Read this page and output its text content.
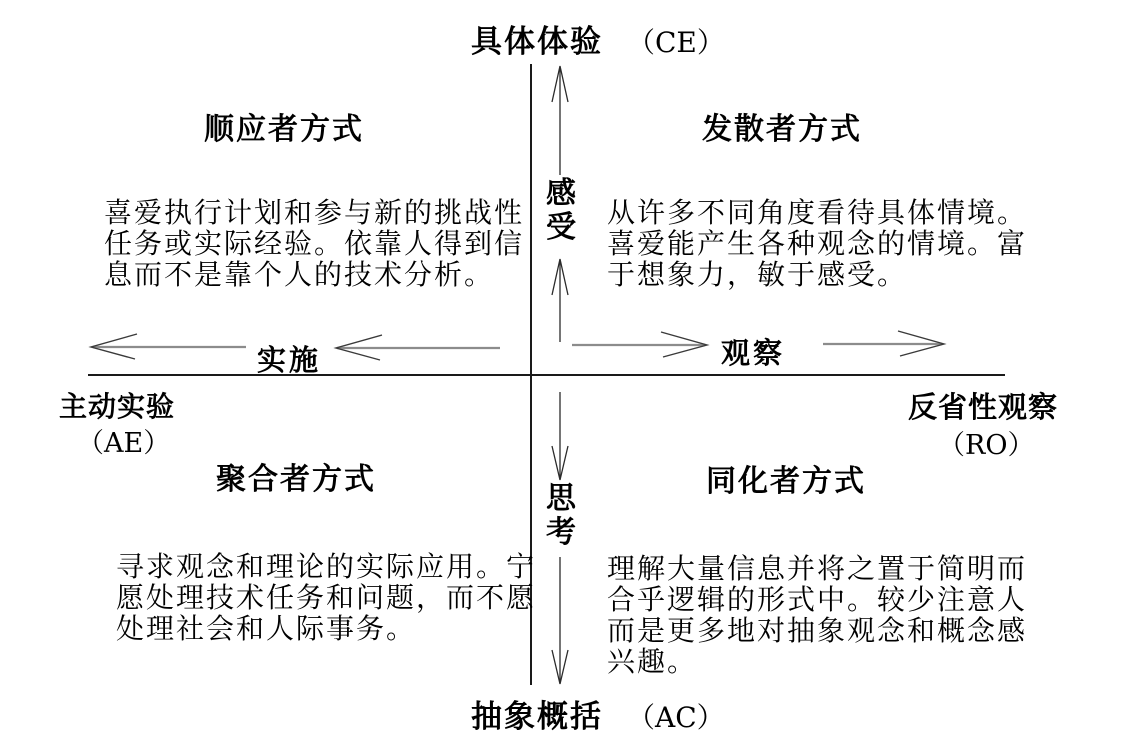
具体体验 （CE）
抽象概括 （AC）
主动实验
（AE）
反省性观察
（RO）
感受
思考
实施	观察
顺应者方式	发散者方式
聚合者方式	同化者方式
喜爱执行计划和参与新的挑战性任务或实际经验。依靠人得到信息而不是靠个人的技术分析。
从许多不同角度看待具体情境。喜爱能产生各种观念的情境。富于想象力，敏于感受。
寻求观念和理论的实际应用。宁愿处理技术任务和问题，而不愿处理社会和人际事务。
理解大量信息并将之置于简明而合乎逻辑的形式中。较少注意人而是更多地对抽象观念和概念感兴趣。
